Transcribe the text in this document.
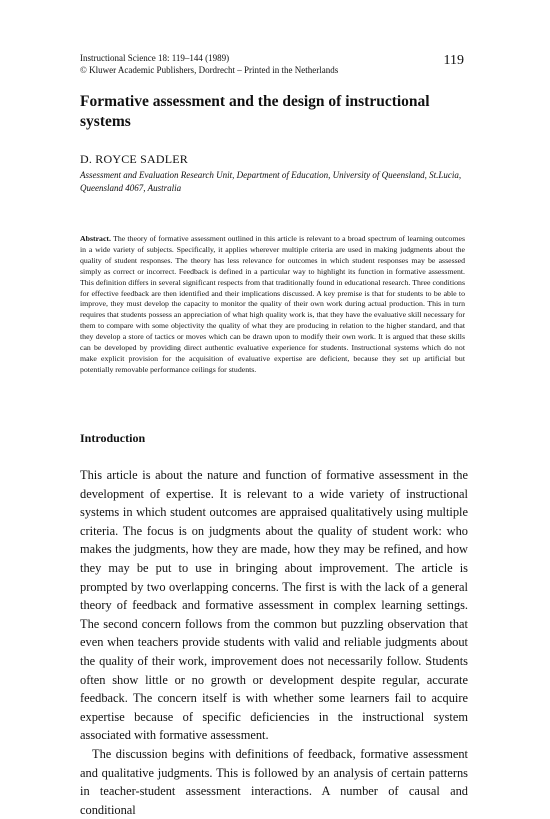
Instructional Science 18: 119–144 (1989)
© Kluwer Academic Publishers, Dordrecht – Printed in the Netherlands
119
Formative assessment and the design of instructional systems
D. ROYCE SADLER
Assessment and Evaluation Research Unit, Department of Education, University of Queensland, St.Lucia, Queensland 4067, Australia
Abstract. The theory of formative assessment outlined in this article is relevant to a broad spectrum of learning outcomes in a wide variety of subjects. Specifically, it applies wherever multiple criteria are used in making judgments about the quality of student responses. The theory has less relevance for outcomes in which student responses may be assessed simply as correct or incorrect. Feedback is defined in a particular way to highlight its function in formative assessment. This definition differs in several significant respects from that traditionally found in educational research. Three conditions for effective feedback are then identified and their implications discussed. A key premise is that for students to be able to improve, they must develop the capacity to monitor the quality of their own work during actual production. This in turn requires that students possess an appreciation of what high quality work is, that they have the evaluative skill necessary for them to compare with some objectivity the quality of what they are producing in relation to the higher standard, and that they develop a store of tactics or moves which can be drawn upon to modify their own work. It is argued that these skills can be developed by providing direct authentic evaluative experience for students. Instructional systems which do not make explicit provision for the acquisition of evaluative expertise are deficient, because they set up artificial but potentially removable performance ceilings for students.
Introduction

This article is about the nature and function of formative assessment in the development of expertise. It is relevant to a wide variety of instructional systems in which student outcomes are appraised qualitatively using multiple criteria. The focus is on judgments about the quality of student work: who makes the judgments, how they are made, how they may be refined, and how they may be put to use in bringing about improvement. The article is prompted by two overlapping concerns. The first is with the lack of a general theory of feedback and formative assessment in complex learning settings. The second concern follows from the common but puzzling observation that even when teachers provide students with valid and reliable judgments about the quality of their work, improvement does not necessarily follow. Students often show little or no growth or development despite regular, accurate feedback. The concern itself is with whether some learners fail to acquire expertise because of specific deficiencies in the instructional system associated with formative assessment.

The discussion begins with definitions of feedback, formative assessment and qualitative judgments. This is followed by an analysis of certain patterns in teacher-student assessment interactions. A number of causal and conditional
